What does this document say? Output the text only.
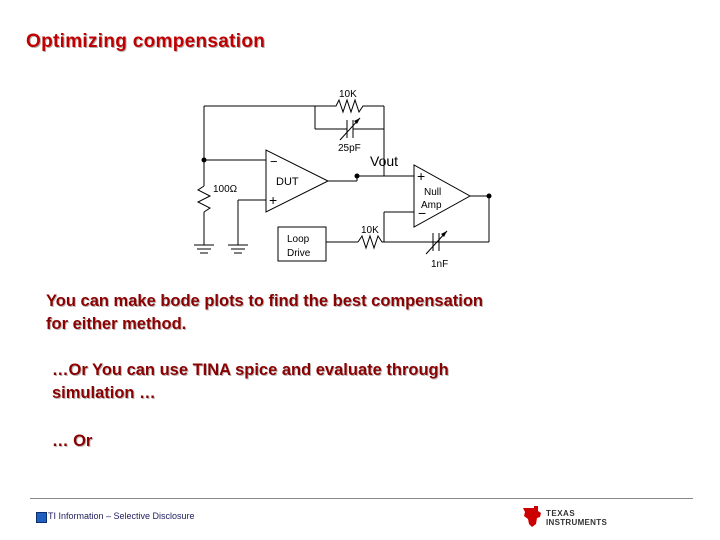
Optimizing compensation
10K
25pF
Vout
100Ω
DUT
−
+
Loop
Drive
10K
1nF
+
−
Null
Amp

You can make bode plots to find the best compensation
for either method.

…Or You can use TINA spice and evaluate through
simulation …

… Or

TI Information – Selective Disclosure	TEXAS
INSTRUMENTS
